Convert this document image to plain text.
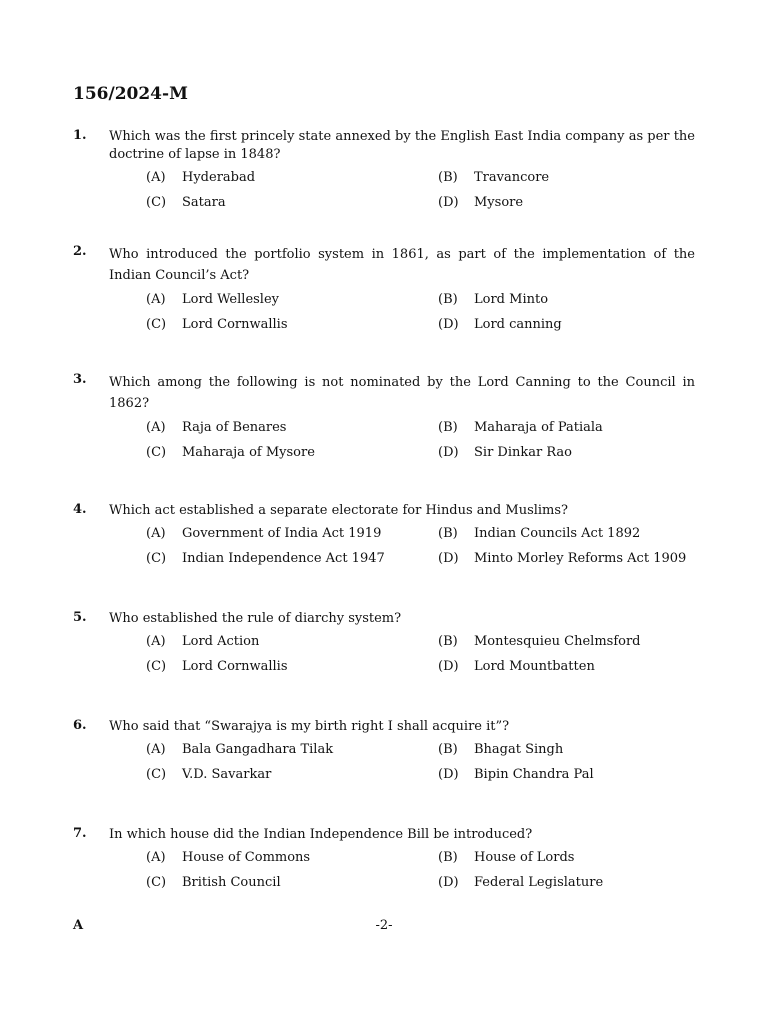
156/2024-M
1. Which was the first princely state annexed by the English East India company as per the doctrine of lapse in 1848?
(A) Hyderabad	(B) Travancore
(C) Satara	(D) Mysore
2. Who introduced the portfolio system in 1861, as part of the implementation of the Indian Council’s Act?
(A) Lord Wellesley	(B) Lord Minto
(C) Lord Cornwallis	(D) Lord canning
3. Which among the following is not nominated by the Lord Canning to the Council in 1862?
(A) Raja of Benares	(B) Maharaja of Patiala
(C) Maharaja of Mysore	(D) Sir Dinkar Rao
4. Which act established a separate electorate for Hindus and Muslims?
(A) Government of India Act 1919	(B) Indian Councils Act 1892
(C) Indian Independence Act 1947	(D) Minto Morley Reforms Act 1909
5. Who established the rule of diarchy system?
(A) Lord Action	(B) Montesquieu Chelmsford
(C) Lord Cornwallis	(D) Lord Mountbatten
6. Who said that “Swarajya is my birth right I shall acquire it”?
(A) Bala Gangadhara Tilak	(B) Bhagat Singh
(C) V.D. Savarkar	(D) Bipin Chandra Pal
7. In which house did the Indian Independence Bill be introduced?
(A) House of Commons	(B) House of Lords
(C) British Council	(D) Federal Legislature
A	-2-
